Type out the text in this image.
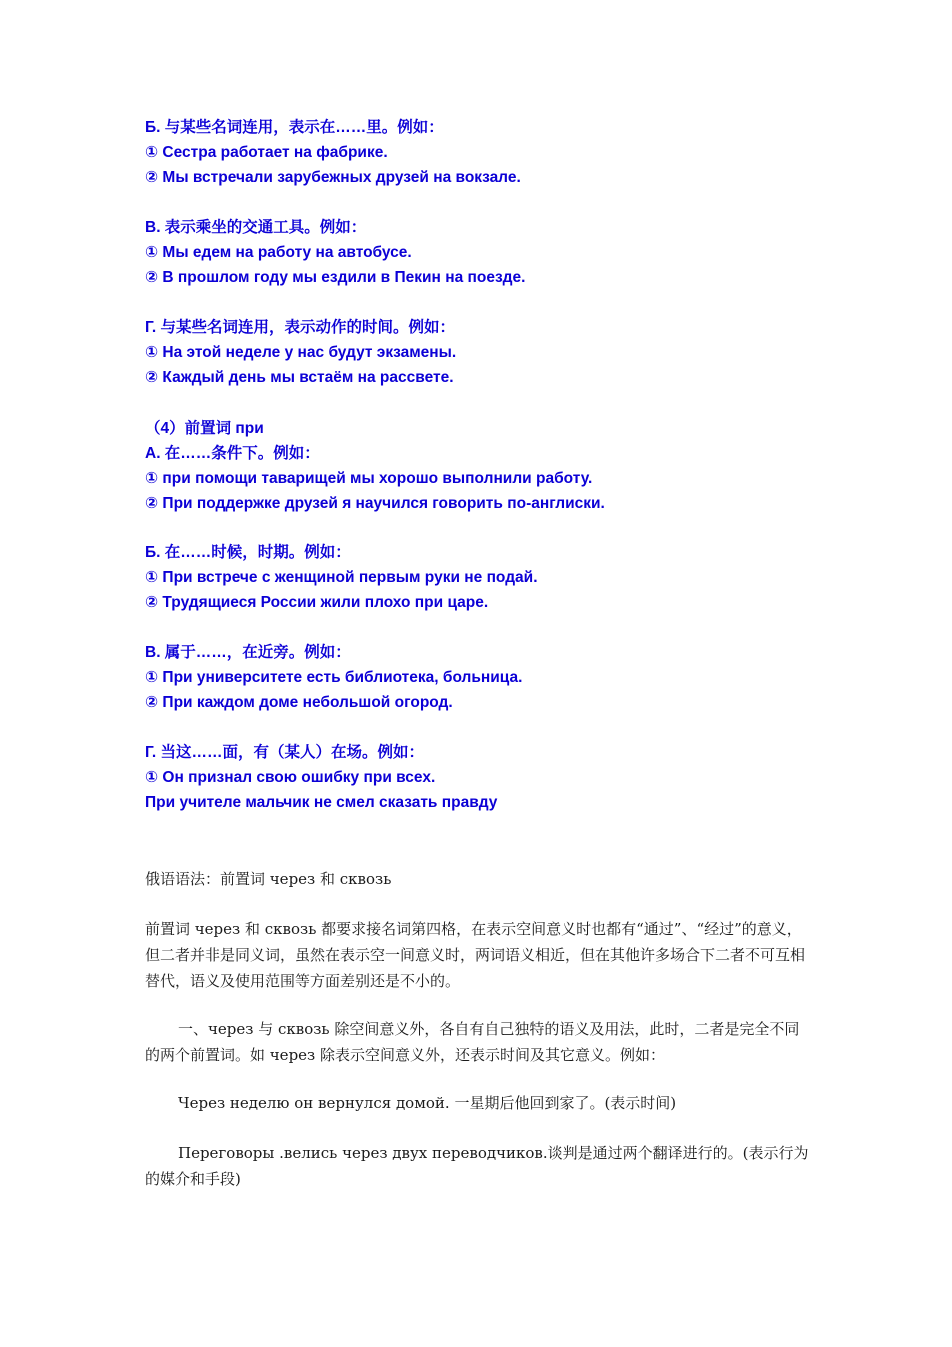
Б. 与某些名词连用，表示在……里。例如：
① Сестра работает на фабрике.
② Мы встречали зарубежных друзей на вокзале.
В. 表示乘坐的交通工具。例如：
① Мы едем на работу на автобусе.
② В прошлом году мы ездили в Пекин на поезде.
Г. 与某些名词连用，表示动作的时间。例如：
① На этой неделе у нас будут экзамены.
② Каждый день мы встаём на рассвете.
（4）前置词 при
А. 在……条件下。例如：
① при помощи таварищей мы хорошо выполнили работу.
② При поддержке друзей я научился говорить по-англиски.
Б. 在……时候，时期。例如：
① При встрече с женщиной первым руки не подай.
② Трудящиеся России жили плохо при царе.
В. 属于……，在近旁。例如：
① При университете есть библиотека, больница.
② При каждом доме небольшой огород.
Г. 当这……面，有（某人）在场。例如：
① Он признал свою ошибку при всех.
При учителе мальчик не смел сказать правду

俄语语法：前置词 через 和 сквозь

前置词 через 和 сквозь 都要求接名词第四格，在表示空间意义时也都有“通过”、“经过”的意义，但二者并非是同义词，虽然在表示空一间意义时，两词语义相近，但在其他许多场合下二者不可互相替代，语义及使用范围等方面差别还是不小的。

一、через 与 сквозь 除空间意义外，各自有自己独特的语义及用法，此时，二者是完全不同的两个前置词。如 через 除表示空间意义外，还表示时间及其它意义。例如：

Через неделю он вернулся домой. 一星期后他回到家了。(表示时间)

Переговоры .велись через двух переводчиков.谈判是通过两个翻译进行的。(表示行为的媒介和手段)
